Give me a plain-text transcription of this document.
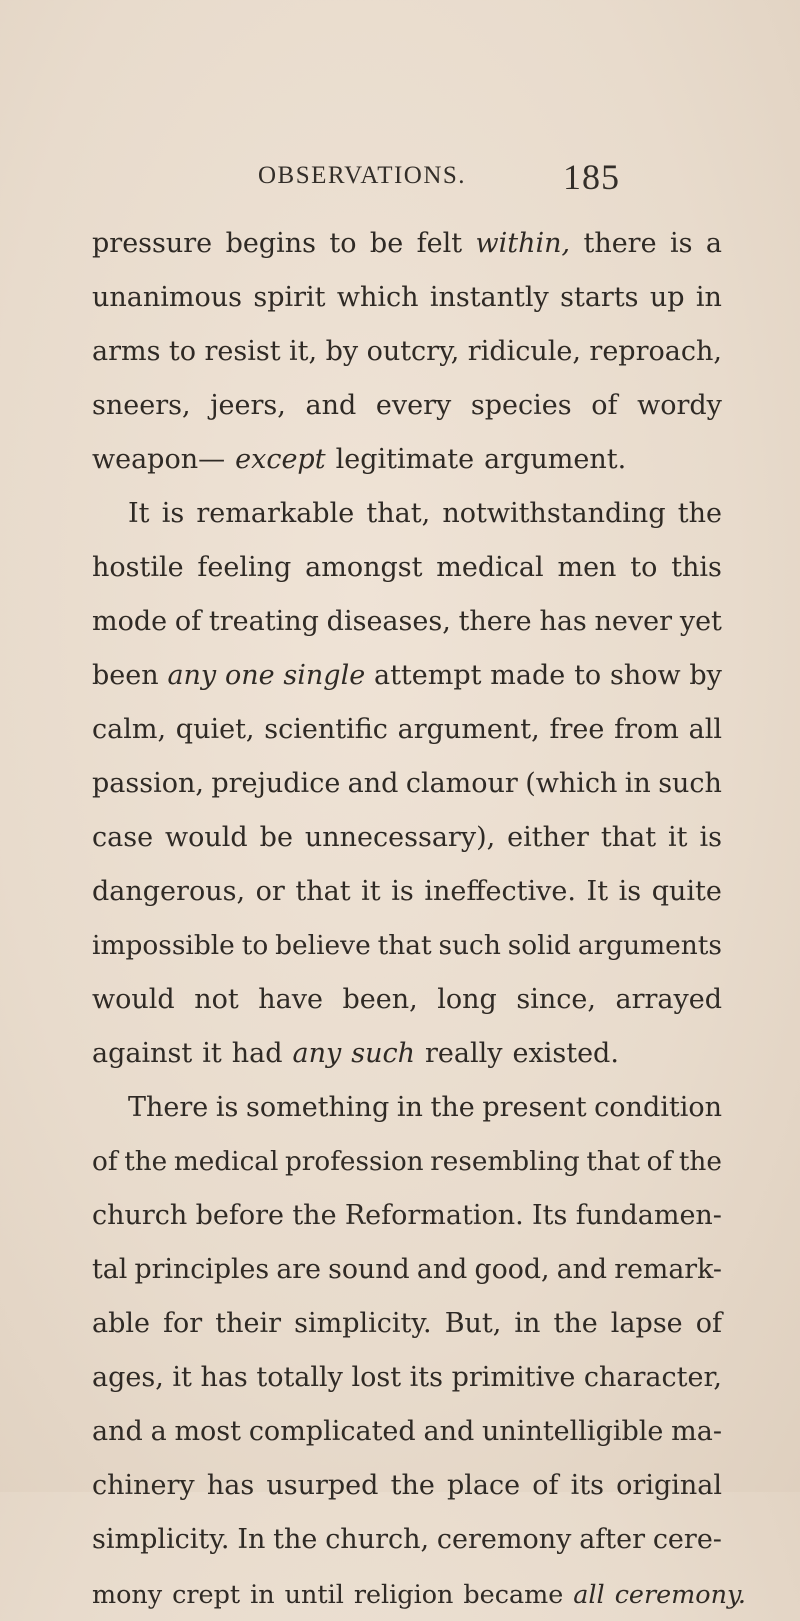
OBSERVATIONS.	185
pressure begins to be felt within, there is a
unanimous spirit which instantly starts up in
arms to resist it, by outcry, ridicule, reproach,
sneers, jeers, and every species of wordy
weapon— except legitimate argument.
It is remarkable that, notwithstanding the
hostile feeling amongst medical men to this
mode of treating diseases, there has never yet
been any one single attempt made to show by
calm, quiet, scientific argument, free from all
passion, prejudice and clamour (which in such
case would be unnecessary), either that it is
dangerous, or that it is ineffective. It is quite
impossible to believe that such solid arguments
would not have been, long since, arrayed
against it had any such really existed.
There is something in the present condition
of the medical profession resembling that of the
church before the Reformation. Its fundamen-
tal principles are sound and good, and remark-
able for their simplicity. But, in the lapse of
ages, it has totally lost its primitive character,
and a most complicated and unintelligible ma-
chinery has usurped the place of its original
simplicity. In the church, ceremony after cere-
mony crept in until religion became all ceremony.
